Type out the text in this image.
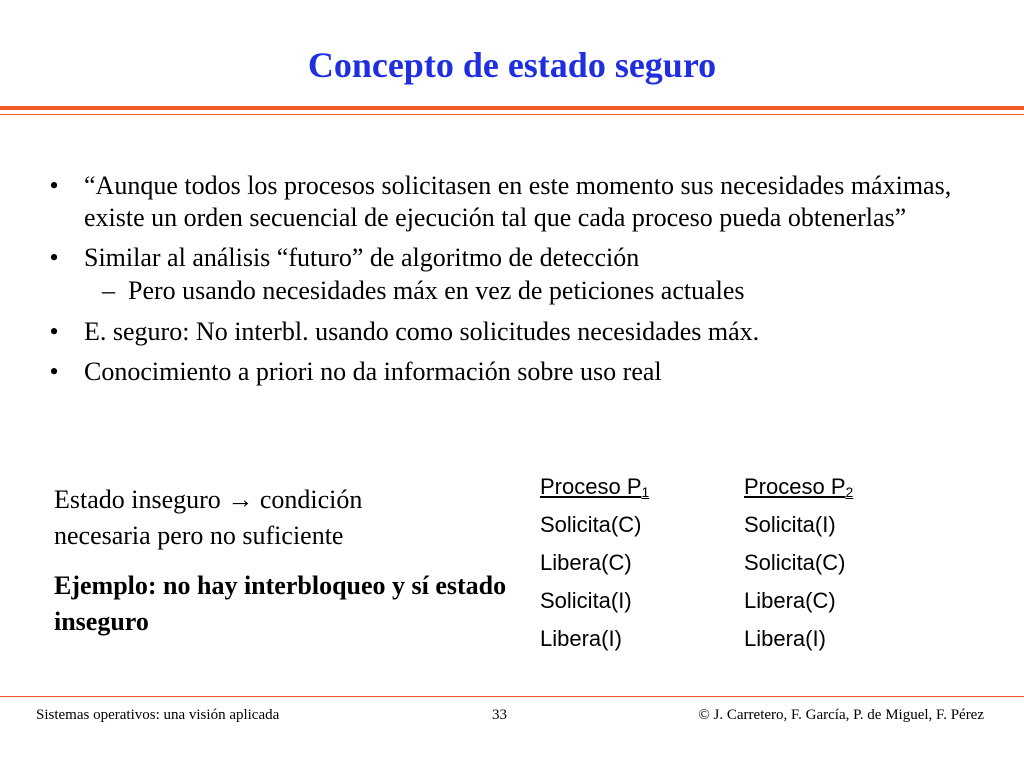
Concepto de estado seguro
• “Aunque todos los procesos solicitasen en este momento sus necesidades máximas, existe un orden secuencial de ejecución tal que cada proceso pueda obtenerlas”
• Similar al análisis “futuro” de algoritmo de detección
– Pero usando necesidades máx en vez de peticiones actuales
• E. seguro: No interbl. usando como solicitudes necesidades máx.
• Conocimiento a priori no da información sobre uso real

Estado inseguro → condición
necesaria pero no suficiente

Ejemplo: no hay interbloqueo y sí estado inseguro

Proceso $P_1$
Solicita(C)
Libera(C)
Solicita(I)
Libera(I)
Proceso $P_2$
Solicita(I)
Solicita(C)
Libera(C)
Libera(I)
Sistemas operativos: una visión aplicada	33	© J. Carretero, F. García, P. de Miguel, F. Pérez
